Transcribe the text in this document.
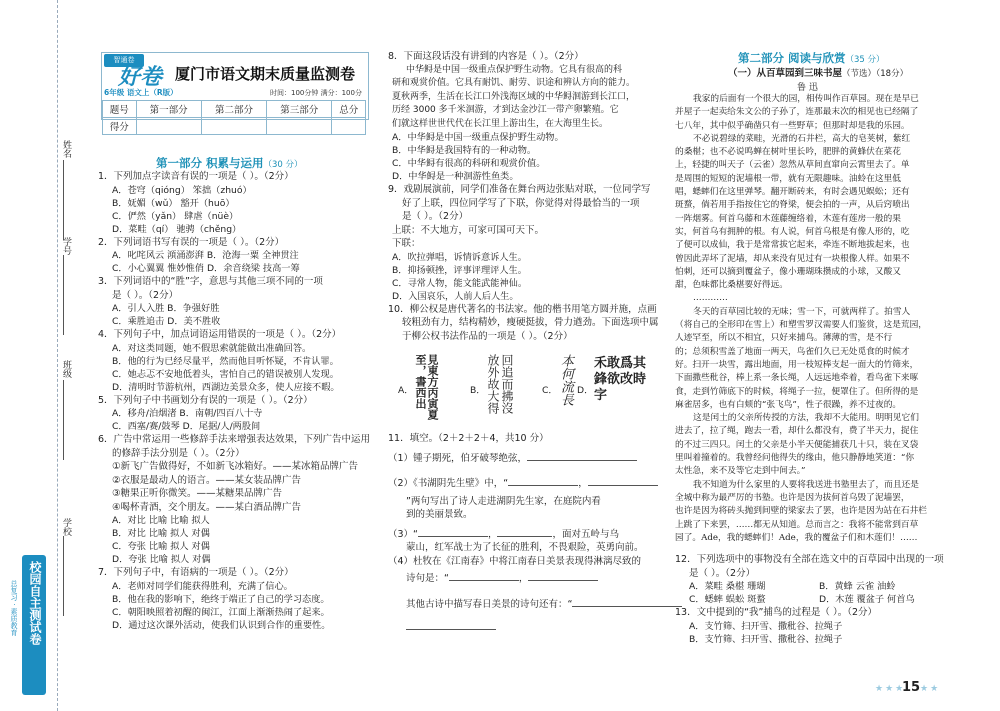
姓名
学号
班级
学校
校园自主测试卷
总复习 · 素质教育
智通卷
好卷 厦门市语文期末质量监测卷
6年级 语文上（R版）	时间：100分钟 满分：100分
题号	第一部分	第二部分	第三部分	总分
得分				
第一部分 积累与运用（30 分）
1．下列加点字读音有误的一项是（ ）。（2分）
A．苍穹（qióng） 笨拙（zhuó）
B．妩媚（wǔ） 豁开（huō）
C．俨然（yǎn） 肆虐（nüè）
D．菜畦（qí） 驰骋（chěng）
2．下列词语书写有误的一项是（ ）。（2分）
A．叱咤风云 澒涌澎湃 B．沧海一粟 全神贯注
C．小心翼翼 惟妙惟俏 D．余音绕梁 技高一筹
3．下列词语中的“胜”字，意思与其他三项不同的一项
是（ ）。（2分）
A．引人入胜 B．争强好胜
C．乘胜追击 D．美不胜收
4．下列句子中，加点词语运用错误的一项是（ ）。（2分）
A．对这类同题，她不假思索就能做出准确回答。
B．他的行为已经尽量平，然而他目听怀疑，不肯认罪。
C．她忐忑不安地低着头，害怕自己的错误被别人发现。
D．清明时节游杭州，西湖边美景众多，使人应接不暇。
5．下列句子中书画划分有误的一项是（ ）。（2分）
A．移舟/泊烟渚 B．南朝/四百八十寺
C．西塞/赛/鼓琴 D．尾据/人/两股间
6．广告中常运用一些修辞手法来增强表达效果，下列广告中运用
的修辞手法分别是（ ）。（2分）
①新飞广告做得好，不如新飞冰箱好。——某冰箱品牌广告
②衣服是最动人的语言。——某女装品牌广告
③糖果正听你微笑。——某糖果品牌广告
④喝杯青酒，交个朋友。——某白酒品牌广告
A．对比 比喻 比喻 拟人
B．对比 比喻 拟人 对偶
C．夸张 比喻 拟人 对偶
D．夸张 比喻 拟人 对偶
7．下列句子中，有语病的一项是（ ）。（2分）
A．老师对同学们能获得胜利，充满了信心。
B．他在我的影响下，绝终于端正了自己的学习态度。
C．朝阳映照着初醒的闽江，江面上渐渐热闹了起来。
D．通过这次课外活动，使我们认识到合作的重要性。
8．下面这段话没有讲到的内容是（ ）。（2分）
中华鲟是中国一级重点保护野生动物。它具有很高的科
研和观赏价值。它具有耐饥、耐劳、识途和辨认方向的能力。
夏秋两季，生活在长江口外浅海区域的中华鲟洄游到长江口，
历经 3000 多千米洄游，才到达金沙江一带产卵繁殖。它
们就这样世世代代在长江里上游出生，在大海里生长。
A．中华鲟是中国一级重点保护野生动物。
B．中华鲟是我国特有的一种动物。
C．中华鲟有很高的科研和观赏价值。
D．中华鲟是一种洄游性鱼类。
9．戏剧展演前，同学们准备在舞台两边张贴对联，一位同学写
好了上联，四位同学写了下联，你觉得对得最恰当的一项
是（ ）。（2分）
上联：不大地方，可家可国可天下。
下联：
A．吹拉弹唱，诉情诉意诉人生。
B．抑扬顿挫，评事评理评人生。
C．寻常人物，能文能武能神仙。
D．入国哀乐，人前人后人生。
10．柳公权是唐代著名的书法家。他的楷书用笔方圆并施，点画
较粗劲有力，结构精妙，瘦硬挺拔，骨力遒劲。下面选项中属
于柳公权书法作品的一项是（ ）。（2分）
A．	見東方丙寅夏至，書西出	B．	回追而拂沒放外故大得	C． 本何流長 D．
禾敢爲其鋒欲改時字
11．填空。（2＋2＋2＋4，共10 分）
（1）锺子期死，伯牙破琴绝弦，
（2）《书湖阴先生壁》中，“	，
”两句写出了诗人走进湖阴先生家，在庭院内看
到的美丽景致。
（3）“	，	，面对五岭与乌
蒙山，红军战士为了长征的胜利，不畏艰险，英勇向前。
（4）杜牧在《江南春》中将江南春日美景表现得淋漓尽致的
诗句是：“	，
其他古诗中描写春日美景的诗句还有：“
第二部分 阅读与欣赏（35 分）
（一）从百草园到三味书屋（节选）（18分）
鲁 迅
我家的后面有一个很大的园，相传叫作百草园。现在是早已
并屋子一起卖给朱文公的子孙了，连那最末次的相见也已经隔了
七八年，其中似乎确凿只有一些野草；但那时却是我的乐园。
不必说碧绿的菜畦，光滑的石井栏，高大的皂荚树，紫红
的桑椹；也不必说鸣蝉在树叶里长吟，肥胖的黄蜂伏在菜花
上，轻捷的叫天子（云雀）忽然从草间直窜向云霄里去了。单
是周围的短短的泥墙根一带，就有无限趣味。油蛉在这里低
唱，蟋蟀们在这里弹琴。翻开断砖来，有时会遇见蜈蚣；还有
斑蝥，倘若用手指按住它的脊梁，便会拍的一声，从后窍喷出
一阵烟雾。何首乌藤和木莲藤缠络着，木莲有莲房一般的果
实，何首乌有拥肿的根。有人说，何首乌根是有像人形的，吃
了便可以成仙，我于是常常拔它起来，牵连不断地拔起来，也
曾因此弄坏了泥墙，却从来没有见过有一块根像人样。如果不
怕刺，还可以摘到覆盆子，像小珊瑚珠攒成的小球，又酸又
甜，色味都比桑椹要好得远。
…………
冬天的百草园比较的无味；雪一下，可就两样了。拍雪人
（将自己的全形印在雪上）和塑雪罗汉需要人们鉴赏，这是荒园，
人迹罕至，所以不相宜，只好来捕鸟。薄薄的雪，是不行
的；总须积雪盖了地面一两天，鸟雀们久已无处觅食的时候才
好。扫开一块雪，露出地面，用一枝短棒支起一面大的竹筛来，
下面撒些秕谷，棒上系一条长绳，人远远地牵着，看鸟雀下来啄
食，走到竹筛底下的时候，将绳子一拉，便罩住了。但所得的是
麻雀居多，也有白颊的“张飞鸟”，性子很躁，养不过夜的。
这是闰土的父亲所传授的方法，我却不大能用。明明见它们
进去了，拉了绳，跑去一看，却什么都没有，费了半天力，捉住
的不过三四只。闰土的父亲是小半天便能捕获几十只，装在叉袋
里叫着撞着的。我曾经问他得失的缘由，他只静静地笑道：“你
太性急，来不及等它走到中间去。”
我不知道为什么家里的人要将我送进书塾里去了，而且还是
全城中称为最严厉的书塾。也许是因为拔何首乌毁了泥墙罢，
也许是因为将砖头抛到间壁的梁家去了罢，也许是因为站在石井栏
上跳了下来罢，……都无从知道。总而言之：我将不能常到百草
园了。Ade，我的蟋蟀们！Ade，我的覆盆子们和木莲们！……
12．下列选项中的事物没有全部在选文中的百草园中出现的一项
是（ ）。（2分）
A．菜畦 桑椹 珊瑚	B．黄蜂 云雀 油蛉
C．蟋蟀 蜈蚣 斑蝥	D．木莲 覆盆子 何首乌
13．文中提到的“我”捕鸟的过程是（ ）。（2分）
A．支竹筛、扫开雪、撒秕谷、拉绳子
B．支竹筛、扫开雪、撒秕谷、拉绳子
★★★
15 ★★
